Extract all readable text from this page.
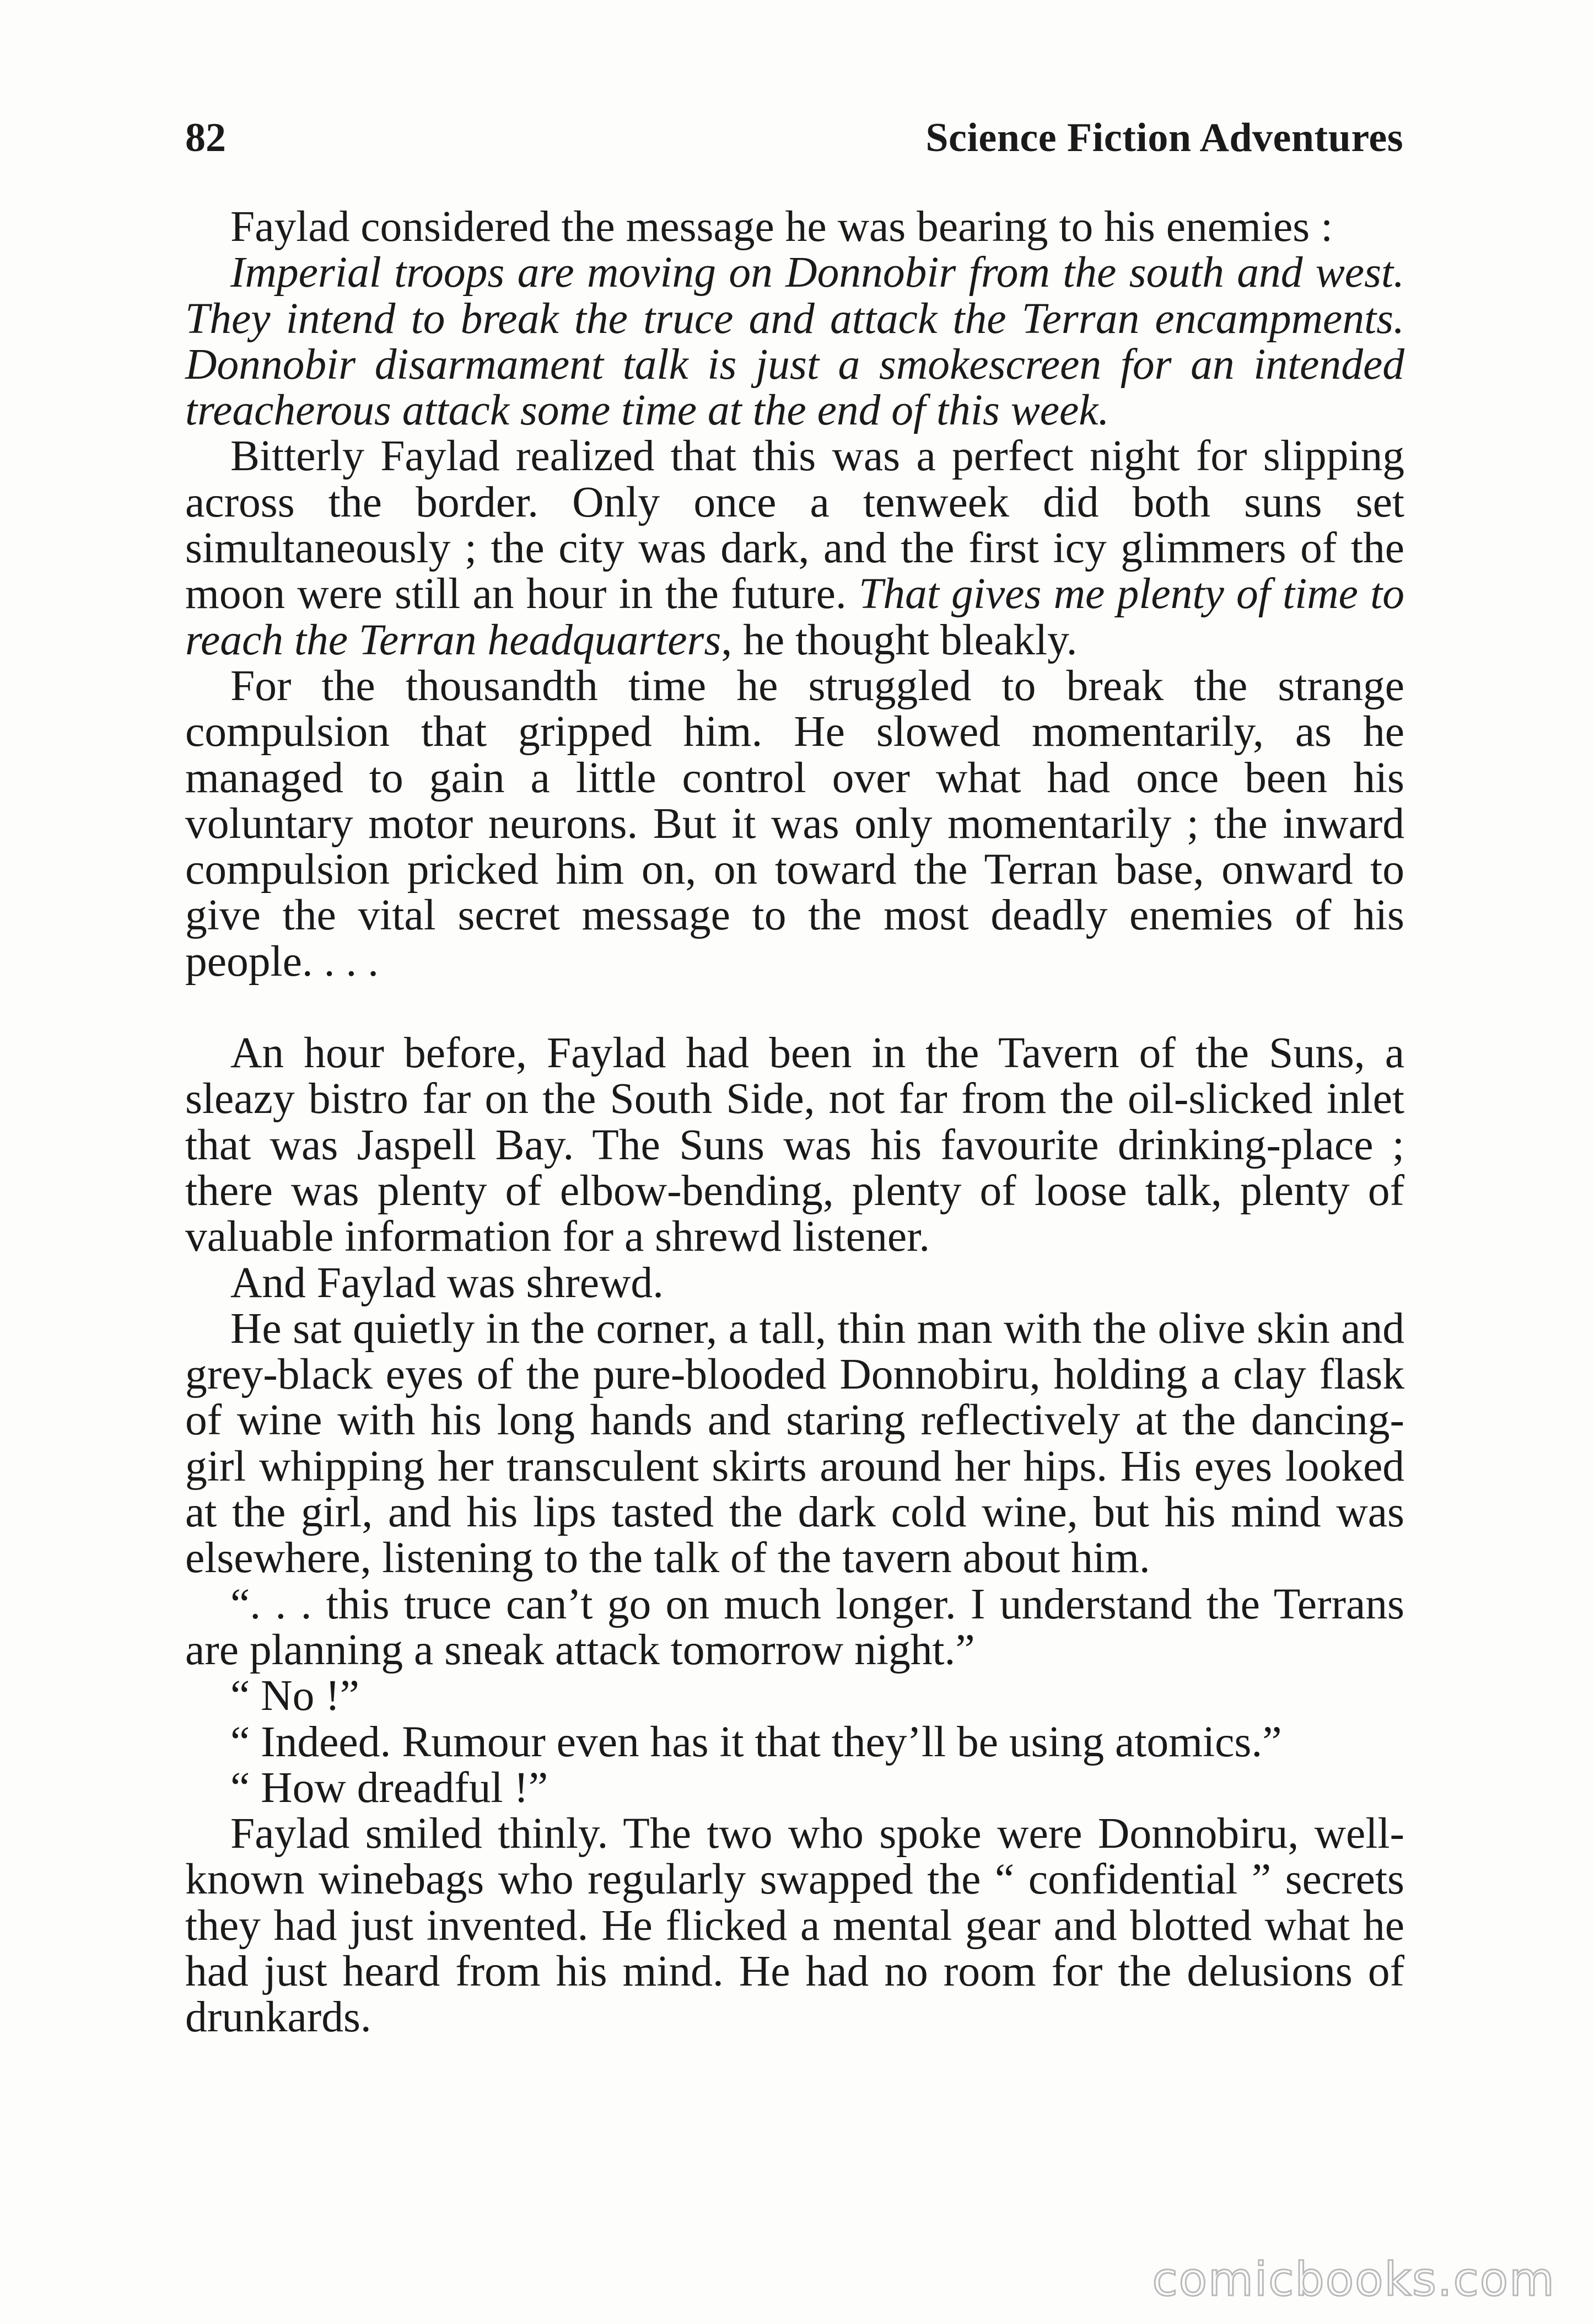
82	Science Fiction Adventures

Faylad considered the message he was bearing to his enemies :

Imperial troops are moving on Donnobir from the south and west. They intend to break the truce and attack the Terran encampments. Donnobir disarmament talk is just a smokescreen for an intended treacherous attack some time at the end of this week.

Bitterly Faylad realized that this was a perfect night for slipping across the border. Only once a tenweek did both suns set simultaneously ; the city was dark, and the first icy glimmers of the moon were still an hour in the future. That gives me plenty of time to reach the Terran headquarters, he thought bleakly.

For the thousandth time he struggled to break the strange compulsion that gripped him. He slowed momentarily, as he managed to gain a little control over what had once been his voluntary motor neurons. But it was only momentarily ; the inward compulsion pricked him on, on toward the Terran base, onward to give the vital secret message to the most deadly enemies of his people. . . .

An hour before, Faylad had been in the Tavern of the Suns, a sleazy bistro far on the South Side, not far from the oil-slicked inlet that was Jaspell Bay. The Suns was his favourite drinking-place ; there was plenty of elbow-bending, plenty of loose talk, plenty of valuable information for a shrewd listener.

And Faylad was shrewd.

He sat quietly in the corner, a tall, thin man with the olive skin and grey-black eyes of the pure-blooded Donnobiru, holding a clay flask of wine with his long hands and staring reflectively at the dancing-girl whipping her transculent skirts around her hips. His eyes looked at the girl, and his lips tasted the dark cold wine, but his mind was elsewhere, listening to the talk of the tavern about him.

“. . . this truce can’t go on much longer. I understand the Terrans are planning a sneak attack tomorrow night.”

“ No !”

“ Indeed. Rumour even has it that they’ll be using atomics.”

“ How dreadful !”

Faylad smiled thinly. The two who spoke were Donnobiru, well-known winebags who regularly swapped the “ confidential ” secrets they had just invented. He flicked a mental gear and blotted what he had just heard from his mind. He had no room for the delusions of drunkards.

comicbooks.com
